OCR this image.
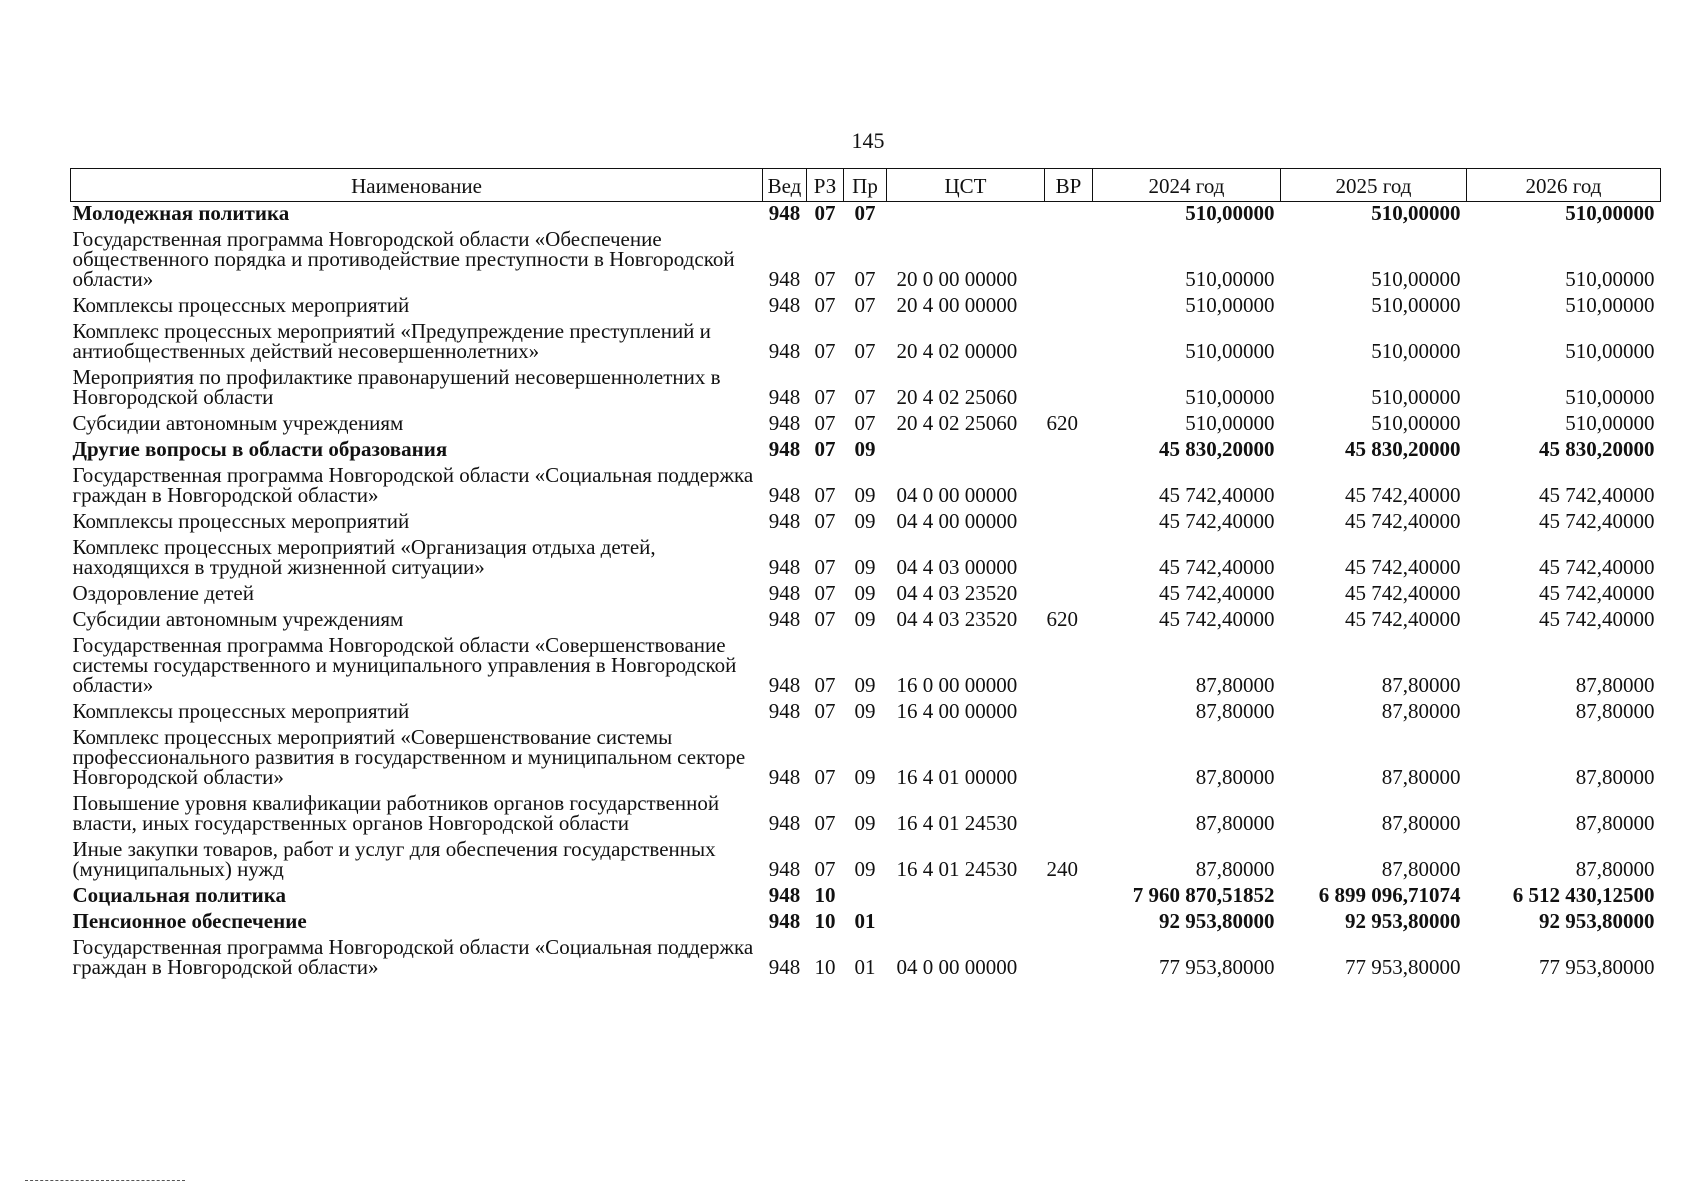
145
Наименование	Вед	РЗ	Пр	ЦСТ	ВР	2024 год	2025 год	2026 год
Молодежная политика	948	07	07			510,00000	510,00000	510,00000
Государственная программа Новгородской области «Обеспечение общественного порядка и противодействие преступности в Новгородской области»	948	07	07	20 0 00 00000		510,00000	510,00000	510,00000
Комплексы процессных мероприятий	948	07	07	20 4 00 00000		510,00000	510,00000	510,00000
Комплекс процессных мероприятий «Предупреждение преступлений и антиобщественных действий несовершеннолетних»	948	07	07	20 4 02 00000		510,00000	510,00000	510,00000
Мероприятия по профилактике правонарушений несовершеннолетних в Новгородской области	948	07	07	20 4 02 25060		510,00000	510,00000	510,00000
Субсидии автономным учреждениям	948	07	07	20 4 02 25060	620	510,00000	510,00000	510,00000
Другие вопросы в области образования	948	07	09			45 830,20000	45 830,20000	45 830,20000
Государственная программа Новгородской области «Социальная поддержка граждан в Новгородской области»	948	07	09	04 0 00 00000		45 742,40000	45 742,40000	45 742,40000
Комплексы процессных мероприятий	948	07	09	04 4 00 00000		45 742,40000	45 742,40000	45 742,40000
Комплекс процессных мероприятий «Организация отдыха детей, находящихся в трудной жизненной ситуации»	948	07	09	04 4 03 00000		45 742,40000	45 742,40000	45 742,40000
Оздоровление детей	948	07	09	04 4 03 23520		45 742,40000	45 742,40000	45 742,40000
Субсидии автономным учреждениям	948	07	09	04 4 03 23520	620	45 742,40000	45 742,40000	45 742,40000
Государственная программа Новгородской области «Совершенствование системы государственного и муниципального управления в Новгородской области»	948	07	09	16 0 00 00000		87,80000	87,80000	87,80000
Комплексы процессных мероприятий	948	07	09	16 4 00 00000		87,80000	87,80000	87,80000
Комплекс процессных мероприятий «Совершенствование системы профессионального развития в государственном и муниципальном секторе Новгородской области»	948	07	09	16 4 01 00000		87,80000	87,80000	87,80000
Повышение уровня квалификации работников органов государственной власти, иных государственных органов Новгородской области	948	07	09	16 4 01 24530		87,80000	87,80000	87,80000
Иные закупки товаров, работ и услуг для обеспечения государственных (муниципальных) нужд	948	07	09	16 4 01 24530	240	87,80000	87,80000	87,80000
Социальная политика	948	10				7 960 870,51852	6 899 096,71074	6 512 430,12500
Пенсионное обеспечение	948	10	01			92 953,80000	92 953,80000	92 953,80000
Государственная программа Новгородской области «Социальная поддержка граждан в Новгородской области»	948	10	01	04 0 00 00000		77 953,80000	77 953,80000	77 953,80000
